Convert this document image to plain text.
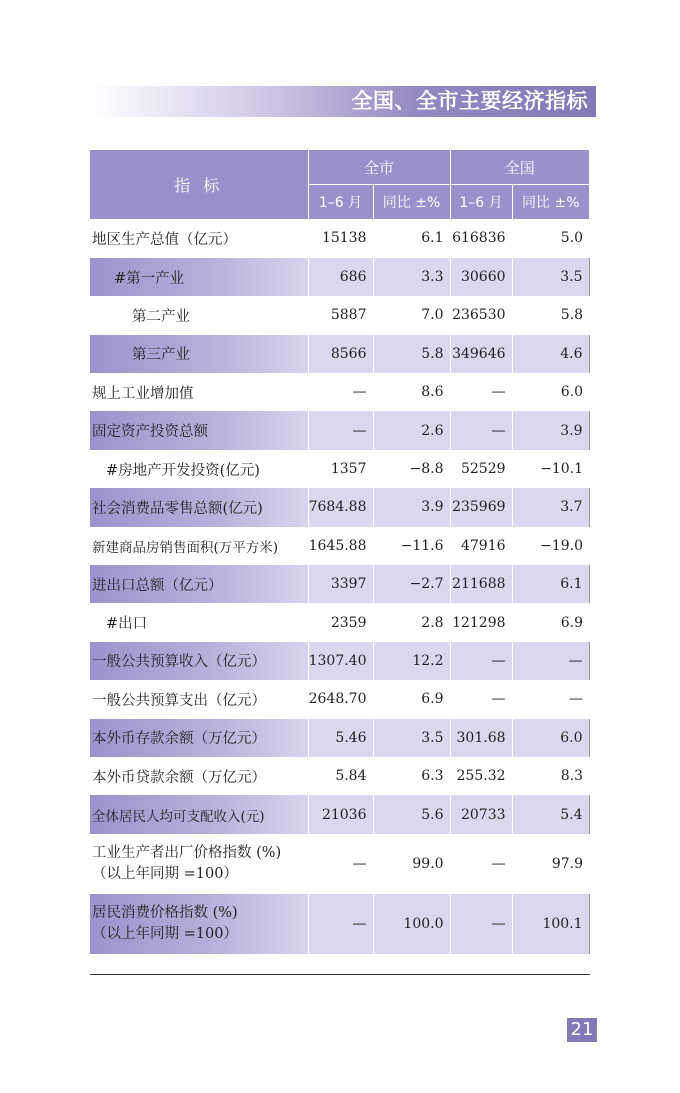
全国、全市主要经济指标
指 标	全市		全国	
	1–6 月	同比 ±%	1–6 月	同比 ±%
地区生产总值（亿元）	15138	6.1	616836	5.0
#第一产业	686	3.3	30660	3.5
第二产业	5887	7.0	236530	5.8
第三产业	8566	5.8	349646	4.6
规上工业增加值	—	8.6	—	6.0
固定资产投资总额	—	2.6	—	3.9
#房地产开发投资(亿元)	1357	−8.8	52529	−10.1
社会消费品零售总额(亿元)	7684.88	3.9	235969	3.7
新建商品房销售面积(万平方米)	1645.88	−11.6	47916	−19.0
进出口总额（亿元）	3397	−2.7	211688	6.1
#出口	2359	2.8	121298	6.9
一般公共预算收入（亿元）	1307.40	12.2	—	—
一般公共预算支出（亿元）	2648.70	6.9	—	—
本外币存款余额（万亿元）	5.46	3.5	301.68	6.0
本外币贷款余额（万亿元）	5.84	6.3	255.32	8.3
全体居民人均可支配收入(元)	21036	5.6	20733	5.4

工业生产者出厂价格指数 (%)
（以上年同期 =100）	—	99.0	—	97.9

居民消费价格指数 (%)
（以上年同期 =100）	—	100.0	—	100.1
21
